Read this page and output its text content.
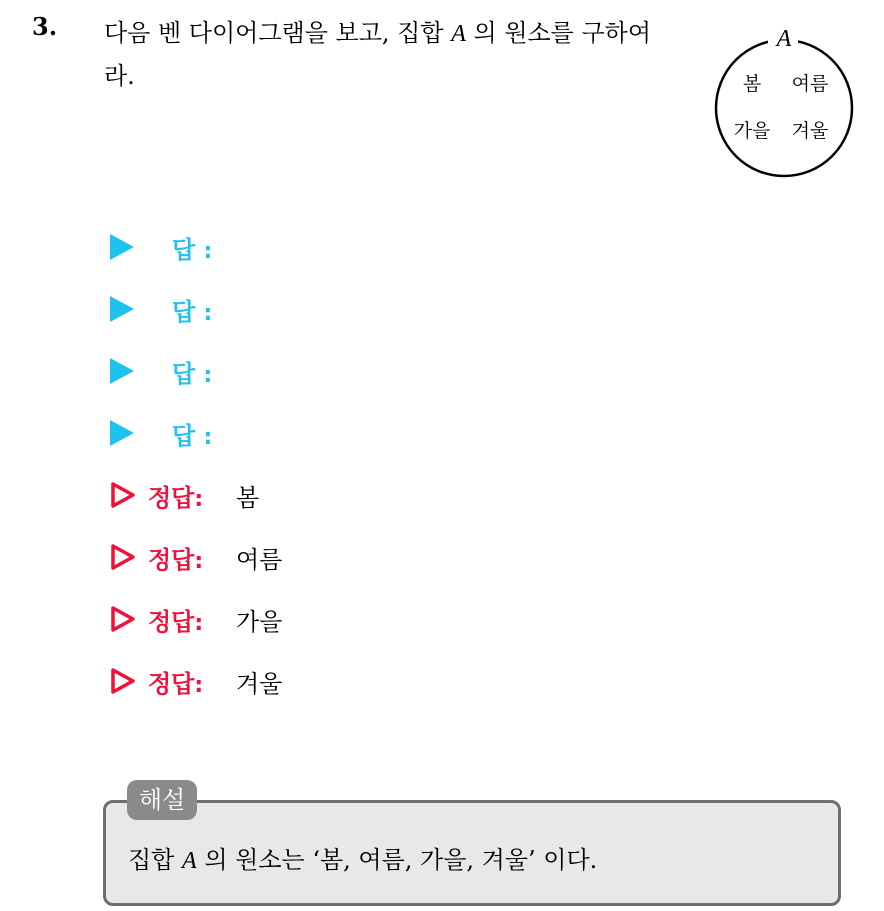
3. 다음 벤 다이어그램을 보고, 집합 A 의 원소를 구하여
라.
A
봄 여름
가을 겨울
답 :
답 :
답 :
답 :
정답: 봄
정답: 여름
정답: 가을
정답: 겨울
해설
집합 A 의 원소는 ‘봄, 여름, 가을, 겨울’ 이다.
